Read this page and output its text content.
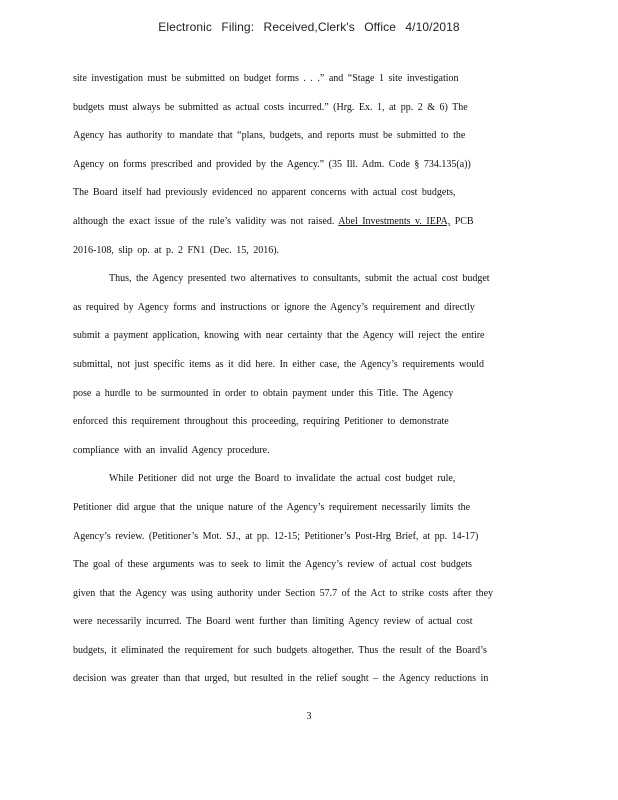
Electronic Filing: Received,Clerk's Office 4/10/2018
site investigation must be submitted on budget forms . . .” and “Stage 1 site investigation
budgets must always be submitted as actual costs incurred.” (Hrg. Ex. 1, at pp. 2 & 6) The
Agency has authority to mandate that “plans, budgets, and reports must be submitted to the
Agency on forms prescribed and provided by the Agency.” (35 Ill. Adm. Code § 734.135(a))
The Board itself had previously evidenced no apparent concerns with actual cost budgets,
although the exact issue of the rule’s validity was not raised. Abel Investments v. IEPA, PCB
2016-108, slip op. at p. 2 FN1 (Dec. 15, 2016).
Thus, the Agency presented two alternatives to consultants, submit the actual cost budget
as required by Agency forms and instructions or ignore the Agency’s requirement and directly
submit a payment application, knowing with near certainty that the Agency will reject the entire
submittal, not just specific items as it did here. In either case, the Agency’s requirements would
pose a hurdle to be surmounted in order to obtain payment under this Title. The Agency
enforced this requirement throughout this proceeding, requiring Petitioner to demonstrate
compliance with an invalid Agency procedure.
While Petitioner did not urge the Board to invalidate the actual cost budget rule,
Petitioner did argue that the unique nature of the Agency’s requirement necessarily limits the
Agency’s review. (Petitioner’s Mot. SJ., at pp. 12-15; Petitioner’s Post-Hrg Brief, at pp. 14-17)
The goal of these arguments was to seek to limit the Agency’s review of actual cost budgets
given that the Agency was using authority under Section 57.7 of the Act to strike costs after they
were necessarily incurred. The Board went further than limiting Agency review of actual cost
budgets, it eliminated the requirement for such budgets altogether. Thus the result of the Board’s
decision was greater than that urged, but resulted in the relief sought – the Agency reductions in
3
